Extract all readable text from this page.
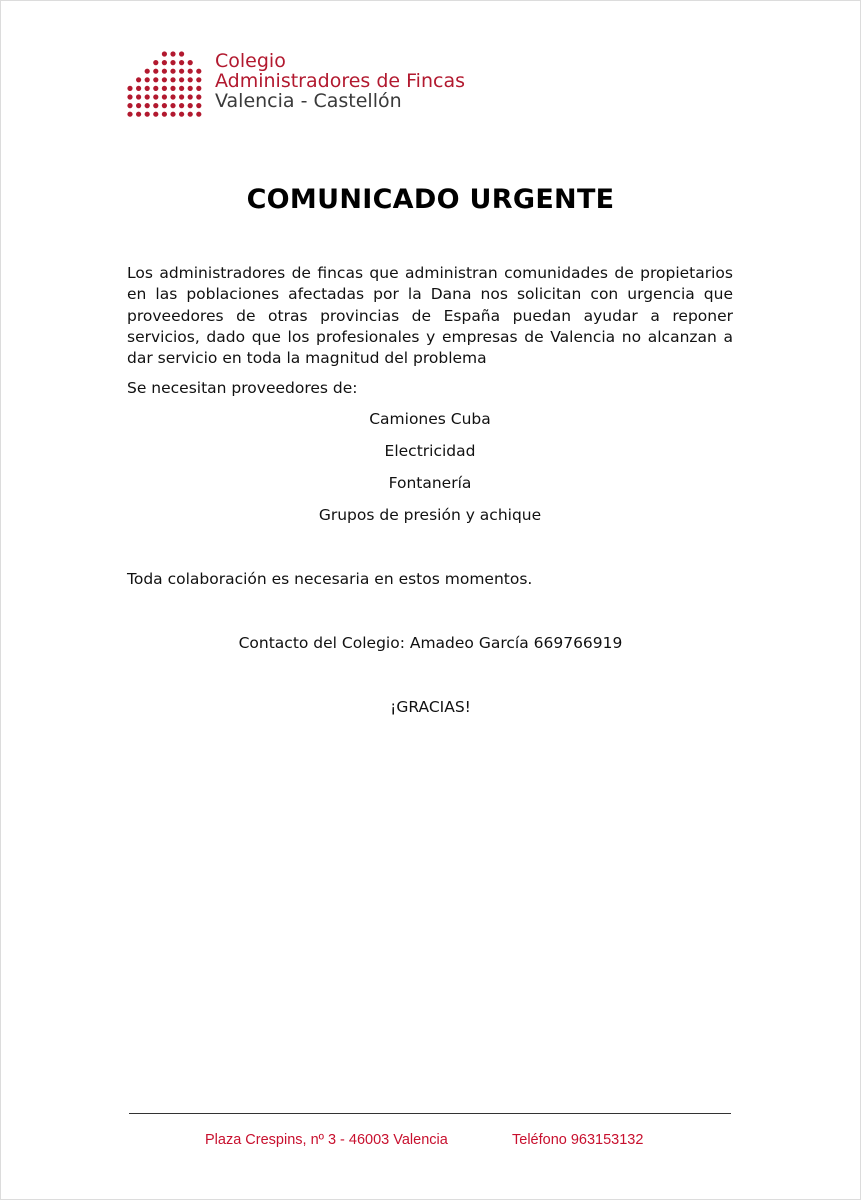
Colegio
Administradores de Fincas
Valencia - Castellón
COMUNICADO URGENTE
Los administradores de fincas que administran comunidades de propietarios en las poblaciones afectadas por la Dana nos solicitan con urgencia que proveedores de otras provincias de España puedan ayudar a reponer servicios, dado que los profesionales y empresas de Valencia no alcanzan a dar servicio en toda la magnitud del problema
Se necesitan proveedores de:
Camiones Cuba
Electricidad
Fontanería
Grupos de presión y achique
Toda colaboración es necesaria en estos momentos.
Contacto del Colegio: Amadeo García 669766919
¡GRACIAS!
Plaza Crespins, nº 3 - 46003 Valencia	Teléfono 963153132
